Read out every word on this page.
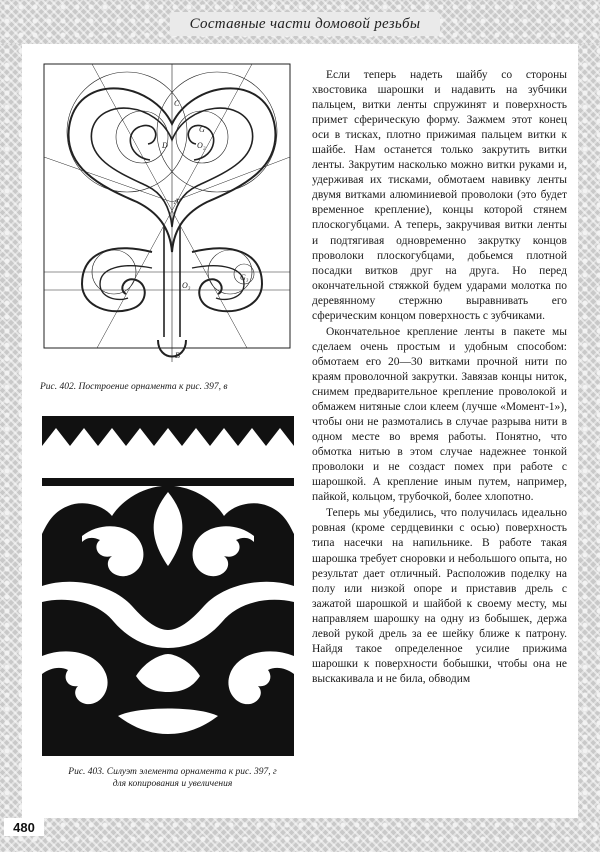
Составные части домовой резьбы
С
D	O₂
G
A
O₃
B
G₃
Рис. 402. Построение орнамента к рис. 397, в
Рис. 403. Силуэт элемента орнамента к рис. 397, г
для копирования и увеличения

Если теперь надеть шайбу со стороны хвостовика шарошки и надавить на зубчики пальцем, витки ленты спружинят и поверхность примет сферическую форму. Зажмем этот конец оси в тисках, плотно прижимая пальцем витки к шайбе. Нам останется только закрутить витки ленты. Закрутим насколько можно витки руками и, удерживая их тисками, обмотаем навивку ленты двумя витками алюминиевой проволоки (это будет временное крепление), концы которой стянем плоскогубцами. А теперь, закручивая витки ленты и подтягивая одновременно закрутку концов проволоки плоскогубцами, добьемся плотной посадки витков друг на друга. Но перед окончательной стяжкой будем ударами молотка по деревянному стержню выравнивать его сферическим концом поверхность с зубчиками.

Окончательное крепление ленты в пакете мы сделаем очень простым и удобным способом: обмотаем его 20—30 витками прочной нити по краям проволочной закрутки. Завязав концы ниток, снимем предварительное крепление проволокой и обмажем нитяные слои клеем (лучше «Момент-1»), чтобы они не размотались в случае разрыва нити в одном месте во время работы. Понятно, что обмотка нитью в этом случае надежнее тонкой проволоки и не создаст помех при работе с шарошкой. А крепление иным путем, например, пайкой, кольцом, трубочкой, более хлопотно.

Теперь мы убедились, что получилась идеально ровная (кроме сердцевинки с осью) поверхность типа насечки на напильнике. В работе такая шарошка требует сноровки и небольшого опыта, но результат дает отличный. Расположив поделку на полу или низкой опоре и приставив дрель с зажатой шарошкой и шайбой к своему месту, мы направляем шарошку на одну из бобышек, держа левой рукой дрель за ее шейку ближе к патрону. Найдя такое определенное усилие прижима шарошки к поверхности бобышки, чтобы она не выскакивала и не била, обводим

480
